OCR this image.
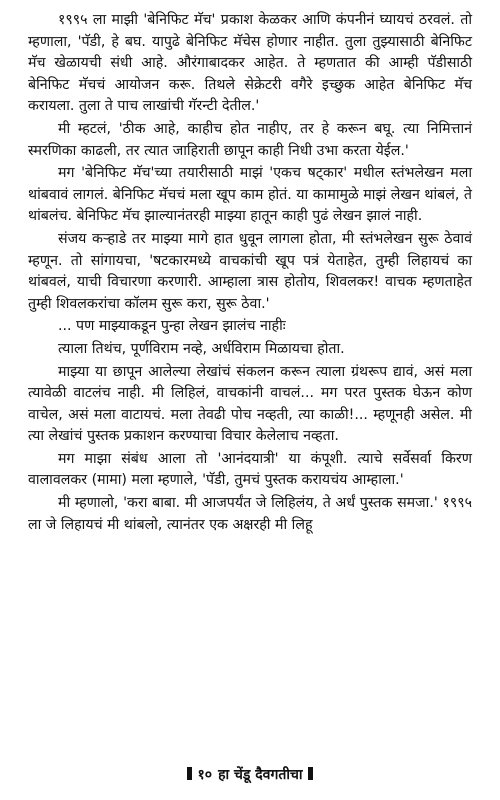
१९९५ ला माझी 'बेनिफिट मॅच' प्रकाश केळकर आणि कंपनीनं घ्यायचं ठरवलं. तो म्हणाला, 'पॅडी, हे बघ. यापुढे बेनिफिट मॅचेस होणार नाहीत. तुला तुझ्यासाठी बेनिफिट मॅच खेळायची संधी आहे. औरंगाबादकर आहेत. ते म्हणतात की आम्ही पॅडीसाठी बेनिफिट मॅचचं आयोजन करू. तिथले सेक्रेटरी वगैरे इच्छुक आहेत बेनिफिट मॅच करायला. तुला ते पाच लाखांची गॅरन्टी देतील.'

मी म्हटलं, 'ठीक आहे, काहीच होत नाहीए, तर हे करून बघू. त्या निमित्तानं स्मरणिका काढली, तर त्यात जाहिराती छापून काही निधी उभा करता येईल.'

मग 'बेनिफिट मॅच'च्या तयारीसाठी माझं 'एकच षट्कार' मधील स्तंभलेखन मला थांबवावं लागलं. बेनिफिट मॅचचं मला खूप काम होतं. या कामामुळे माझं लेखन थांबलं, ते थांबलंच. बेनिफिट मॅच झाल्यानंतरही माझ्या हातून काही पुढं लेखन झालं नाही.

संजय कऱ्हाडे तर माझ्या मागे हात धुवून लागला होता, मी स्तंभलेखन सुरू ठेवावं म्हणून. तो सांगायचा, 'षटकारमध्ये वाचकांची खूप पत्रं येताहेत, तुम्ही लिहायचं का थांबवलं, याची विचारणा करणारी. आम्हाला त्रास होतोय, शिवलकर! वाचक म्हणताहेत तुम्ही शिवलकरांचा कॉलम सुरू करा, सुरू ठेवा.'

... पण माझ्याकडून पुन्हा लेखन झालंच नाहीः

त्याला तिथंच, पूर्णविराम नव्हे, अर्धविराम मिळायचा होता.

माझ्या या छापून आलेल्या लेखांचं संकलन करून त्याला ग्रंथरूप द्यावं, असं मला त्यावेळी वाटलंच नाही. मी लिहिलं, वाचकांनी वाचलं... मग परत पुस्तक घेऊन कोण वाचेल, असं मला वाटायचं. मला तेवढी पोच नव्हती, त्या काळी!... म्हणूनही असेल. मी त्या लेखांचं पुस्तक प्रकाशन करण्याचा विचार केलेलाच नव्हता.

मग माझा संबंध आला तो 'आनंदयात्री' या कंपूशी. त्याचे सर्वेसर्वा किरण वालावलकर (मामा) मला म्हणाले, 'पॅडी, तुमचं पुस्तक करायचंय आम्हाला.'

मी म्हणालो, 'करा बाबा. मी आजपर्यंत जे लिहिलंय, ते अर्धं पुस्तक समजा.' १९९५ ला जे लिहायचं मी थांबलो, त्यानंतर एक अक्षरही मी लिहू

१० हा चेंडू दैवगतीचा
